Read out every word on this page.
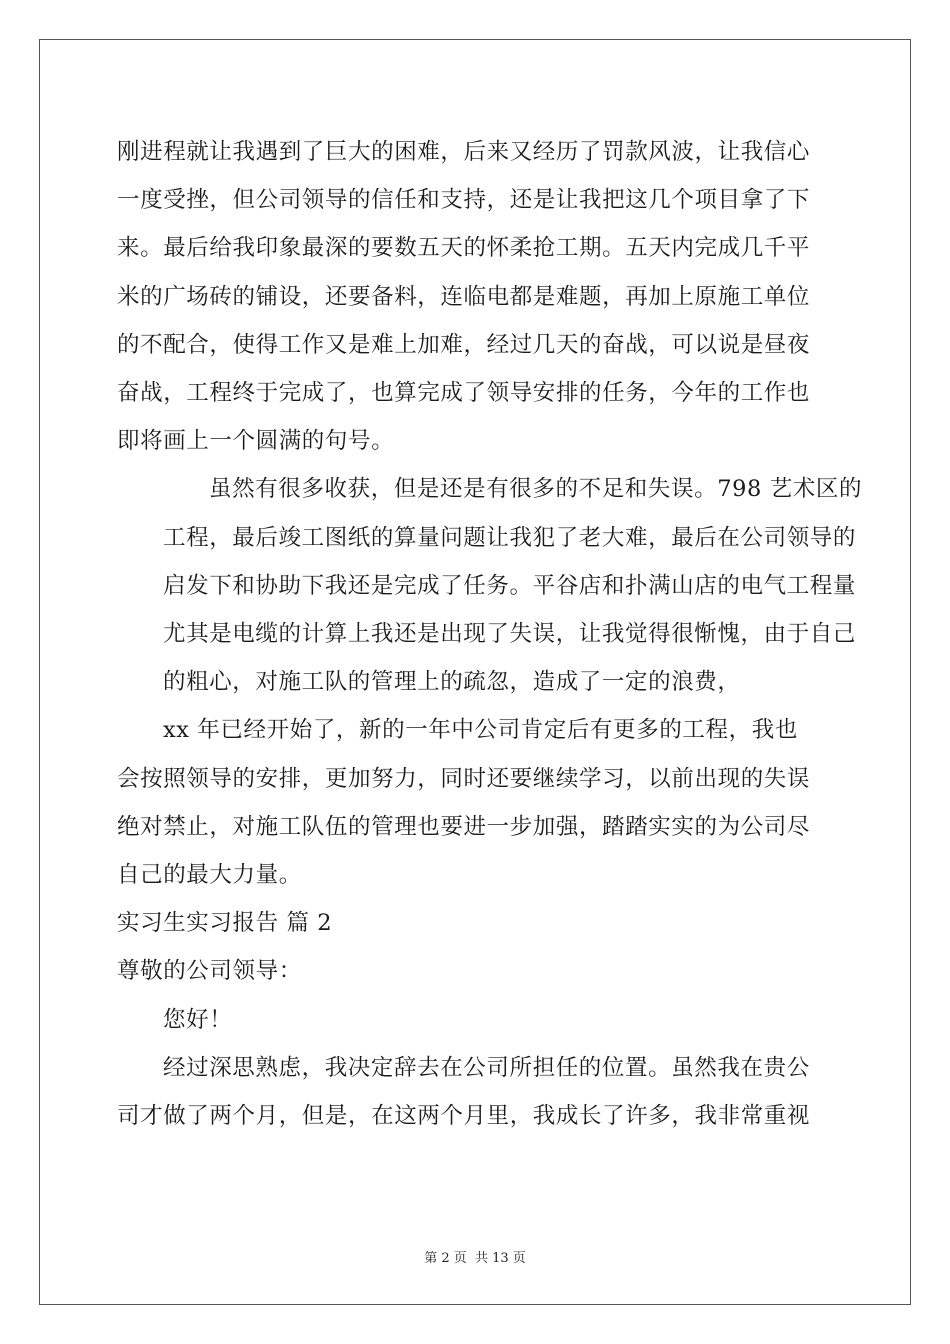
刚进程就让我遇到了巨大的困难，后来又经历了罚款风波，让我信心
一度受挫，但公司领导的信任和支持，还是让我把这几个项目拿了下
来。最后给我印象最深的要数五天的怀柔抢工期。五天内完成几千平
米的广场砖的铺设，还要备料，连临电都是难题，再加上原施工单位
的不配合，使得工作又是难上加难，经过几天的奋战，可以说是昼夜
奋战，工程终于完成了，也算完成了领导安排的任务，今年的工作也
即将画上一个圆满的句号。
虽然有很多收获，但是还是有很多的不足和失误。798 艺术区的
工程，最后竣工图纸的算量问题让我犯了老大难，最后在公司领导的
启发下和协助下我还是完成了任务。平谷店和扑满山店的电气工程量
尤其是电缆的计算上我还是出现了失误，让我觉得很惭愧，由于自己
的粗心，对施工队的管理上的疏忽，造成了一定的浪费，
xx 年已经开始了，新的一年中公司肯定后有更多的工程，我也
会按照领导的安排，更加努力，同时还要继续学习，以前出现的失误
绝对禁止，对施工队伍的管理也要进一步加强，踏踏实实的为公司尽
自己的最大力量。
实习生实习报告 篇 2
尊敬的公司领导：
您好！
经过深思熟虑，我决定辞去在公司所担任的位置。虽然我在贵公
司才做了两个月，但是，在这两个月里，我成长了许多，我非常重视
第 2 页 共 13 页
